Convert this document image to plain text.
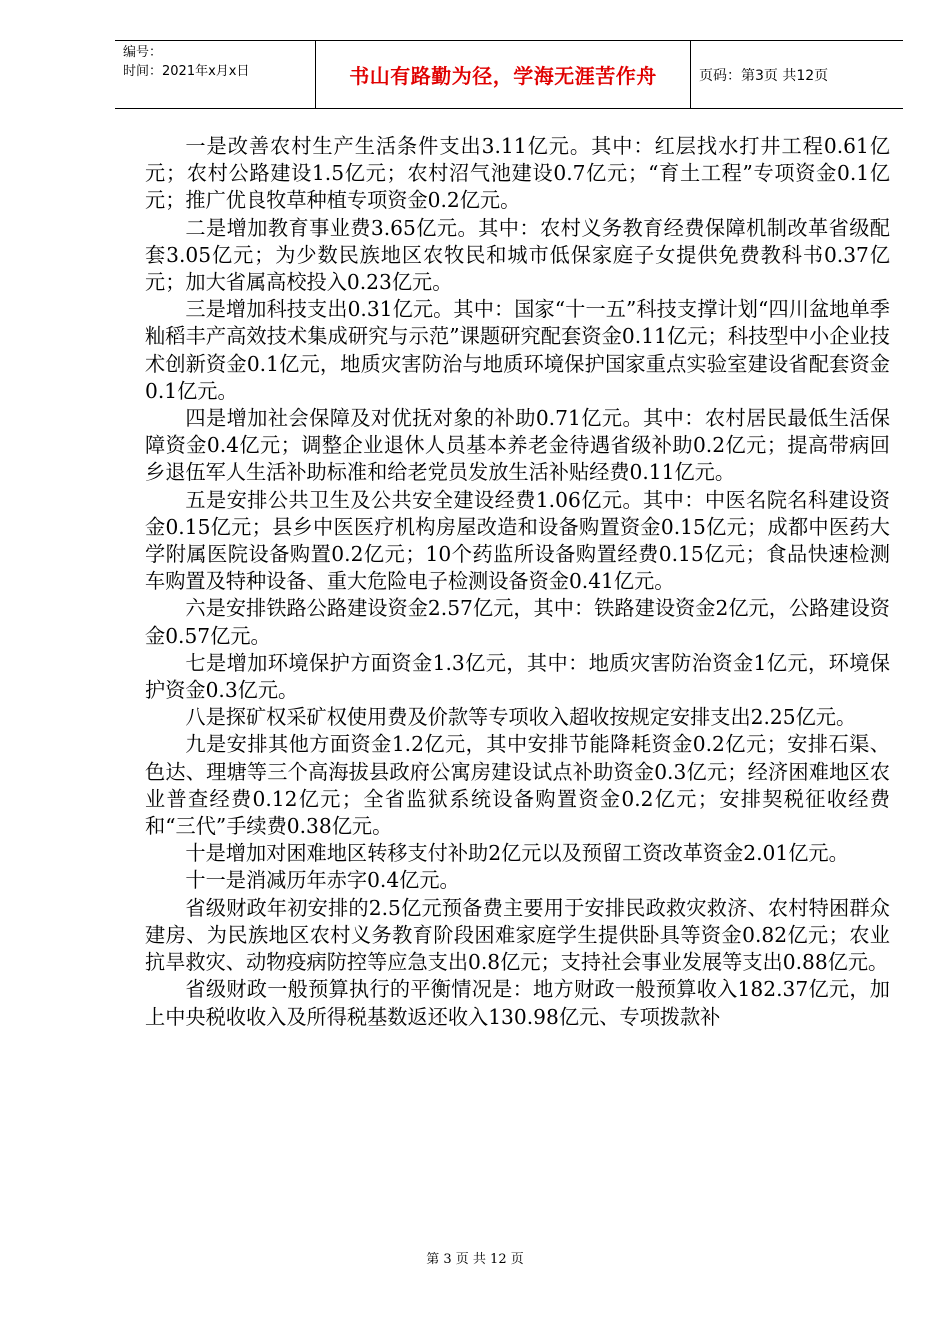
编号：
时间：2021年x月x日	书山有路勤为径，学海无涯苦作舟	页码：第3页 共12页

一是改善农村生产生活条件支出3.11亿元。其中：红层找水打井工程0.61亿元；农村公路建设1.5亿元；农村沼气池建设0.7亿元；“育土工程”专项资金0.1亿元；推广优良牧草种植专项资金0.2亿元。

二是增加教育事业费3.65亿元。其中：农村义务教育经费保障机制改革省级配套3.05亿元；为少数民族地区农牧民和城市低保家庭子女提供免费教科书0.37亿元；加大省属高校投入0.23亿元。

三是增加科技支出0.31亿元。其中：国家“十一五”科技支撑计划“四川盆地单季籼稻丰产高效技术集成研究与示范”课题研究配套资金0.11亿元；科技型中小企业技术创新资金0.1亿元，地质灾害防治与地质环境保护国家重点实验室建设省配套资金0.1亿元。

四是增加社会保障及对优抚对象的补助0.71亿元。其中：农村居民最低生活保障资金0.4亿元；调整企业退休人员基本养老金待遇省级补助0.2亿元；提高带病回乡退伍军人生活补助标准和给老党员发放生活补贴经费0.11亿元。

五是安排公共卫生及公共安全建设经费1.06亿元。其中：中医名院名科建设资金0.15亿元；县乡中医医疗机构房屋改造和设备购置资金0.15亿元；成都中医药大学附属医院设备购置0.2亿元；10个药监所设备购置经费0.15亿元；食品快速检测车购置及特种设备、重大危险电子检测设备资金0.41亿元。

六是安排铁路公路建设资金2.57亿元，其中：铁路建设资金2亿元，公路建设资金0.57亿元。

七是增加环境保护方面资金1.3亿元，其中：地质灾害防治资金1亿元，环境保护资金0.3亿元。

八是探矿权采矿权使用费及价款等专项收入超收按规定安排支出2.25亿元。

九是安排其他方面资金1.2亿元，其中安排节能降耗资金0.2亿元；安排石渠、色达、理塘等三个高海拔县政府公寓房建设试点补助资金0.3亿元；经济困难地区农业普查经费0.12亿元；全省监狱系统设备购置资金0.2亿元；安排契税征收经费和“三代”手续费0.38亿元。

十是增加对困难地区转移支付补助2亿元以及预留工资改革资金2.01亿元。

十一是消减历年赤字0.4亿元。

省级财政年初安排的2.5亿元预备费主要用于安排民政救灾救济、农村特困群众建房、为民族地区农村义务教育阶段困难家庭学生提供卧具等资金0.82亿元；农业抗旱救灾、动物疫病防控等应急支出0.8亿元；支持社会事业发展等支出0.88亿元。

省级财政一般预算执行的平衡情况是：地方财政一般预算收入182.37亿元，加上中央税收收入及所得税基数返还收入130.98亿元、专项拨款补

第 3 页 共 12 页
